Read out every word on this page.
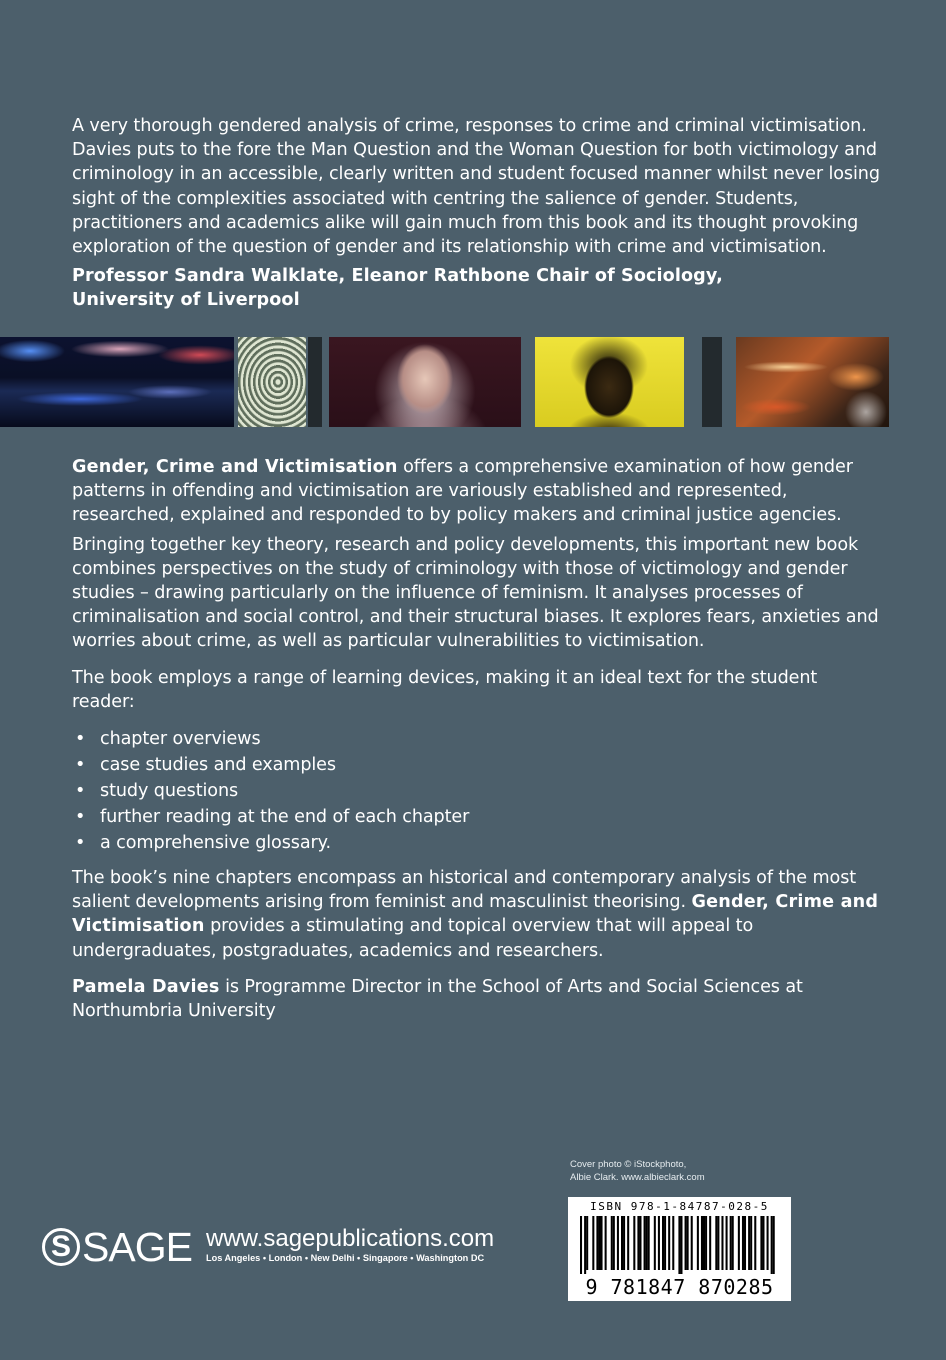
A very thorough gendered analysis of crime, responses to crime and criminal victimisation. Davies puts to the fore the Man Question and the Woman Question for both victimology and criminology in an accessible, clearly written and student focused manner whilst never losing sight of the complexities associated with centring the salience of gender. Students, practitioners and academics alike will gain much from this book and its thought provoking exploration of the question of gender and its relationship with crime and victimisation.

Professor Sandra Walklate, Eleanor Rathbone Chair of Sociology,
University of Liverpool

Gender, Crime and Victimisation offers a comprehensive examination of how gender patterns in offending and victimisation are variously established and represented, researched, explained and responded to by policy makers and criminal justice agencies.

Bringing together key theory, research and policy developments, this important new book combines perspectives on the study of criminology with those of victimology and gender studies – drawing particularly on the influence of feminism. It analyses processes of criminalisation and social control, and their structural biases. It explores fears, anxieties and worries about crime, as well as particular vulnerabilities to victimisation.

The book employs a range of learning devices, making it an ideal text for the student reader:

• chapter overviews
• case studies and examples
• study questions
• further reading at the end of each chapter
• a comprehensive glossary.

The book’s nine chapters encompass an historical and contemporary analysis of the most salient developments arising from feminist and masculinist theorising. Gender, Crime and Victimisation provides a stimulating and topical overview that will appeal to undergraduates, postgraduates, academics and researchers.

Pamela Davies is Programme Director in the School of Arts and Social Sciences at Northumbria University

Cover photo © iStockphoto,
Albie Clark. www.albieclark.com
ISBN 978-1-84787-028-5
9 781847 870285
S SAGE www.sagepublications.com
Los Angeles • London • New Delhi • Singapore • Washington DC
